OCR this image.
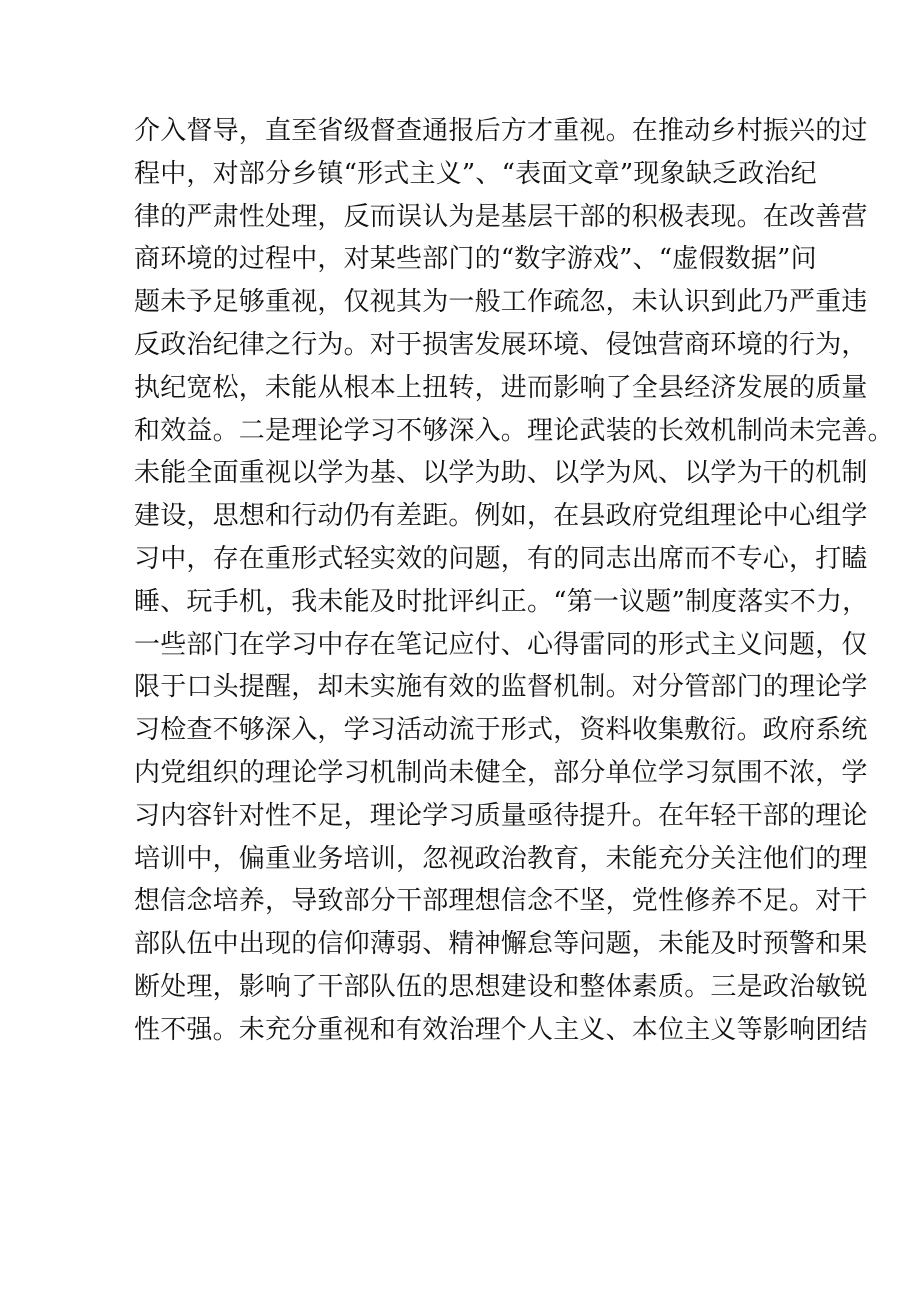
介入督导，直至省级督查通报后方才重视。在推动乡村振兴的过
程中，对部分乡镇“形式主义”、“表面文章”现象缺乏政治纪
律的严肃性处理，反而误认为是基层干部的积极表现。在改善营
商环境的过程中，对某些部门的“数字游戏”、“虚假数据”问
题未予足够重视，仅视其为一般工作疏忽，未认识到此乃严重违
反政治纪律之行为。对于损害发展环境、侵蚀营商环境的行为，
执纪宽松，未能从根本上扭转，进而影响了全县经济发展的质量
和效益。二是理论学习不够深入。理论武装的长效机制尚未完善。
未能全面重视以学为基、以学为助、以学为风、以学为干的机制
建设，思想和行动仍有差距。例如，在县政府党组理论中心组学
习中，存在重形式轻实效的问题，有的同志出席而不专心，打瞌
睡、玩手机，我未能及时批评纠正。“第一议题”制度落实不力，
一些部门在学习中存在笔记应付、心得雷同的形式主义问题，仅
限于口头提醒，却未实施有效的监督机制。对分管部门的理论学
习检查不够深入，学习活动流于形式，资料收集敷衍。政府系统
内党组织的理论学习机制尚未健全，部分单位学习氛围不浓，学
习内容针对性不足，理论学习质量亟待提升。在年轻干部的理论
培训中，偏重业务培训，忽视政治教育，未能充分关注他们的理
想信念培养，导致部分干部理想信念不坚，党性修养不足。对干
部队伍中出现的信仰薄弱、精神懈怠等问题，未能及时预警和果
断处理，影响了干部队伍的思想建设和整体素质。三是政治敏锐
性不强。未充分重视和有效治理个人主义、本位主义等影响团结
